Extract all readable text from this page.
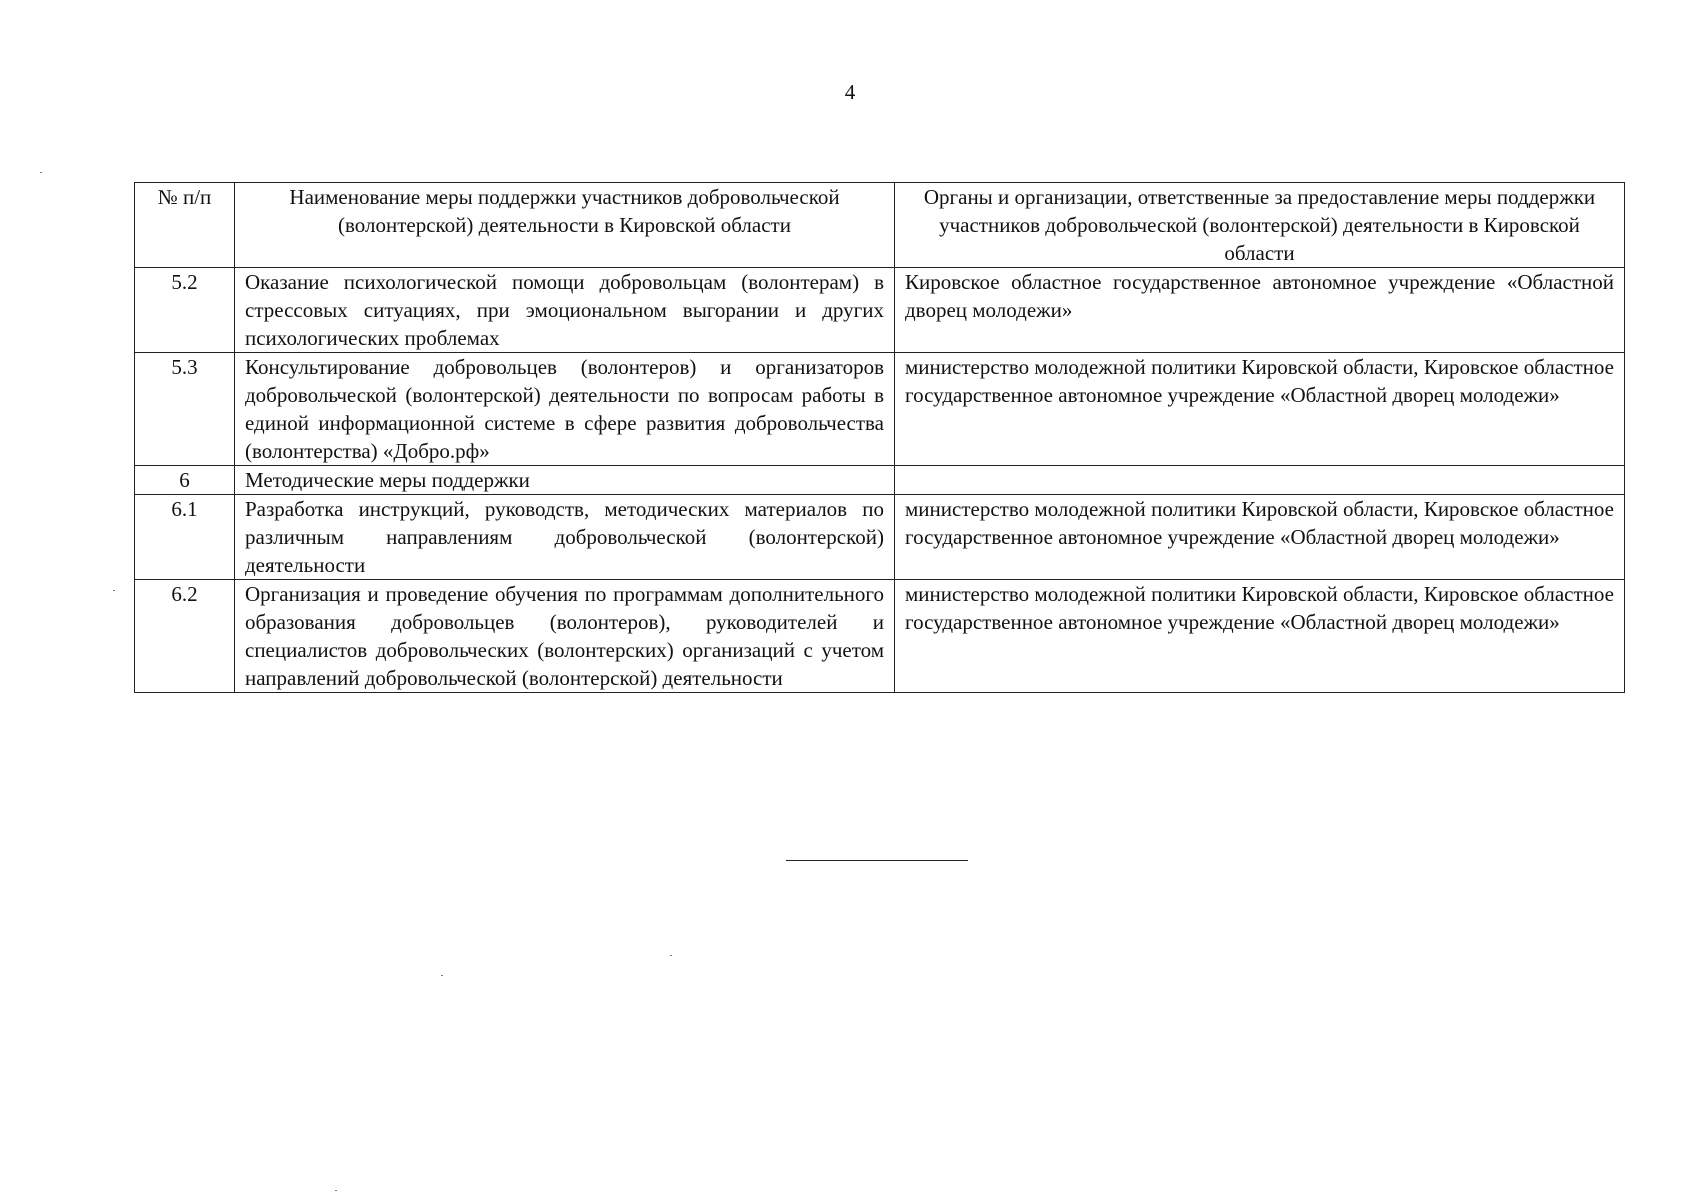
4
№ п/п	Наименование меры поддержки участников добровольческой (волонтерской) деятельности в Кировской области	Органы и организации, ответственные за предоставление меры поддержки участников добровольческой (волонтерской) деятельности в Кировской области
5.2	Оказание психологической помощи добровольцам (волонтерам) в стрессовых ситуациях, при эмоциональном выгорании и других психологических проблемах	Кировское областное государственное автономное учреждение «Областной дворец молодежи»
5.3	Консультирование добровольцев (волонтеров) и организаторов добровольческой (волонтерской) деятельности по вопросам работы в единой информационной системе в сфере развития добровольчества (волонтерства) «Добро.рф»	министерство молодежной политики Кировской области, Кировское областное государственное автономное учреждение «Областной дворец молодежи»
6	Методические меры поддержки	
6.1	Разработка инструкций, руководств, методических материалов по различным направлениям добровольческой (волонтерской) деятельности	министерство молодежной политики Кировской области, Кировское областное государственное автономное учреждение «Областной дворец молодежи»
6.2	Организация и проведение обучения по программам дополнительного образования добровольцев (волонтеров), руководителей и специалистов добровольческих (волонтерских) организаций с учетом направлений добровольческой (волонтерской) деятельности	министерство молодежной политики Кировской области, Кировское областное государственное автономное учреждение «Областной дворец молодежи»
